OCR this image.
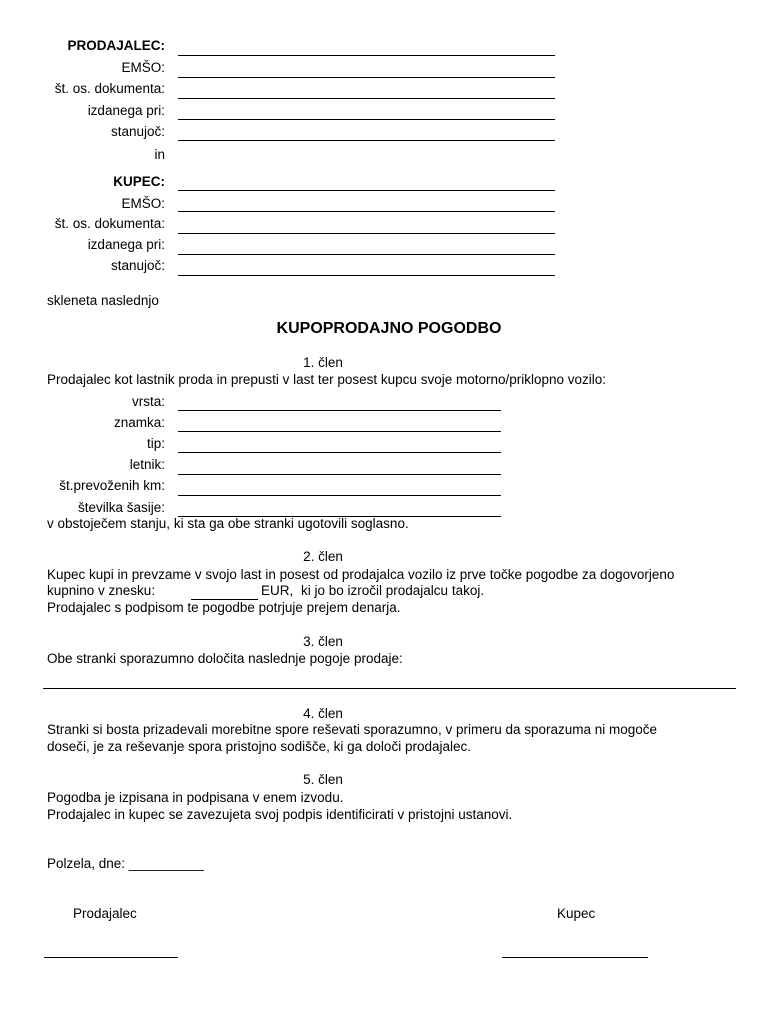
PRODAJALEC:
EMŠO:
št. os. dokumenta:
izdanega pri:
stanujoč:
in
KUPEC:
EMŠO:
št. os. dokumenta:
izdanega pri:
stanujoč:
skleneta naslednjo
KUPOPRODAJNO POGODBO
1. člen
Prodajalec kot lastnik proda in prepusti v last ter posest kupcu svoje motorno/priklopno vozilo:
vrsta:
znamka:
tip:
letnik:
št.prevoženih km:
številka šasije:
v obstoječem stanju, ki sta ga obe stranki ugotovili soglasno.
2. člen
Kupec kupi in prevzame v svojo last in posest od prodajalca vozilo iz prve točke pogodbe za dogovorjeno
kupnino v znesku:	EUR, ki jo bo izročil prodajalcu takoj.
Prodajalec s podpisom te pogodbe potrjuje prejem denarja.
3. člen
Obe stranki sporazumno določita naslednje pogoje prodaje:
4. člen
Stranki si bosta prizadevali morebitne spore reševati sporazumno, v primeru da sporazuma ni mogoče
doseči, je za reševanje spora pristojno sodišče, ki ga določi prodajalec.
5. člen
Pogodba je izpisana in podpisana v enem izvodu.
Prodajalec in kupec se zavezujeta svoj podpis identificirati v pristojni ustanovi.
Polzela, dne: __________
Prodajalec	Kupec
